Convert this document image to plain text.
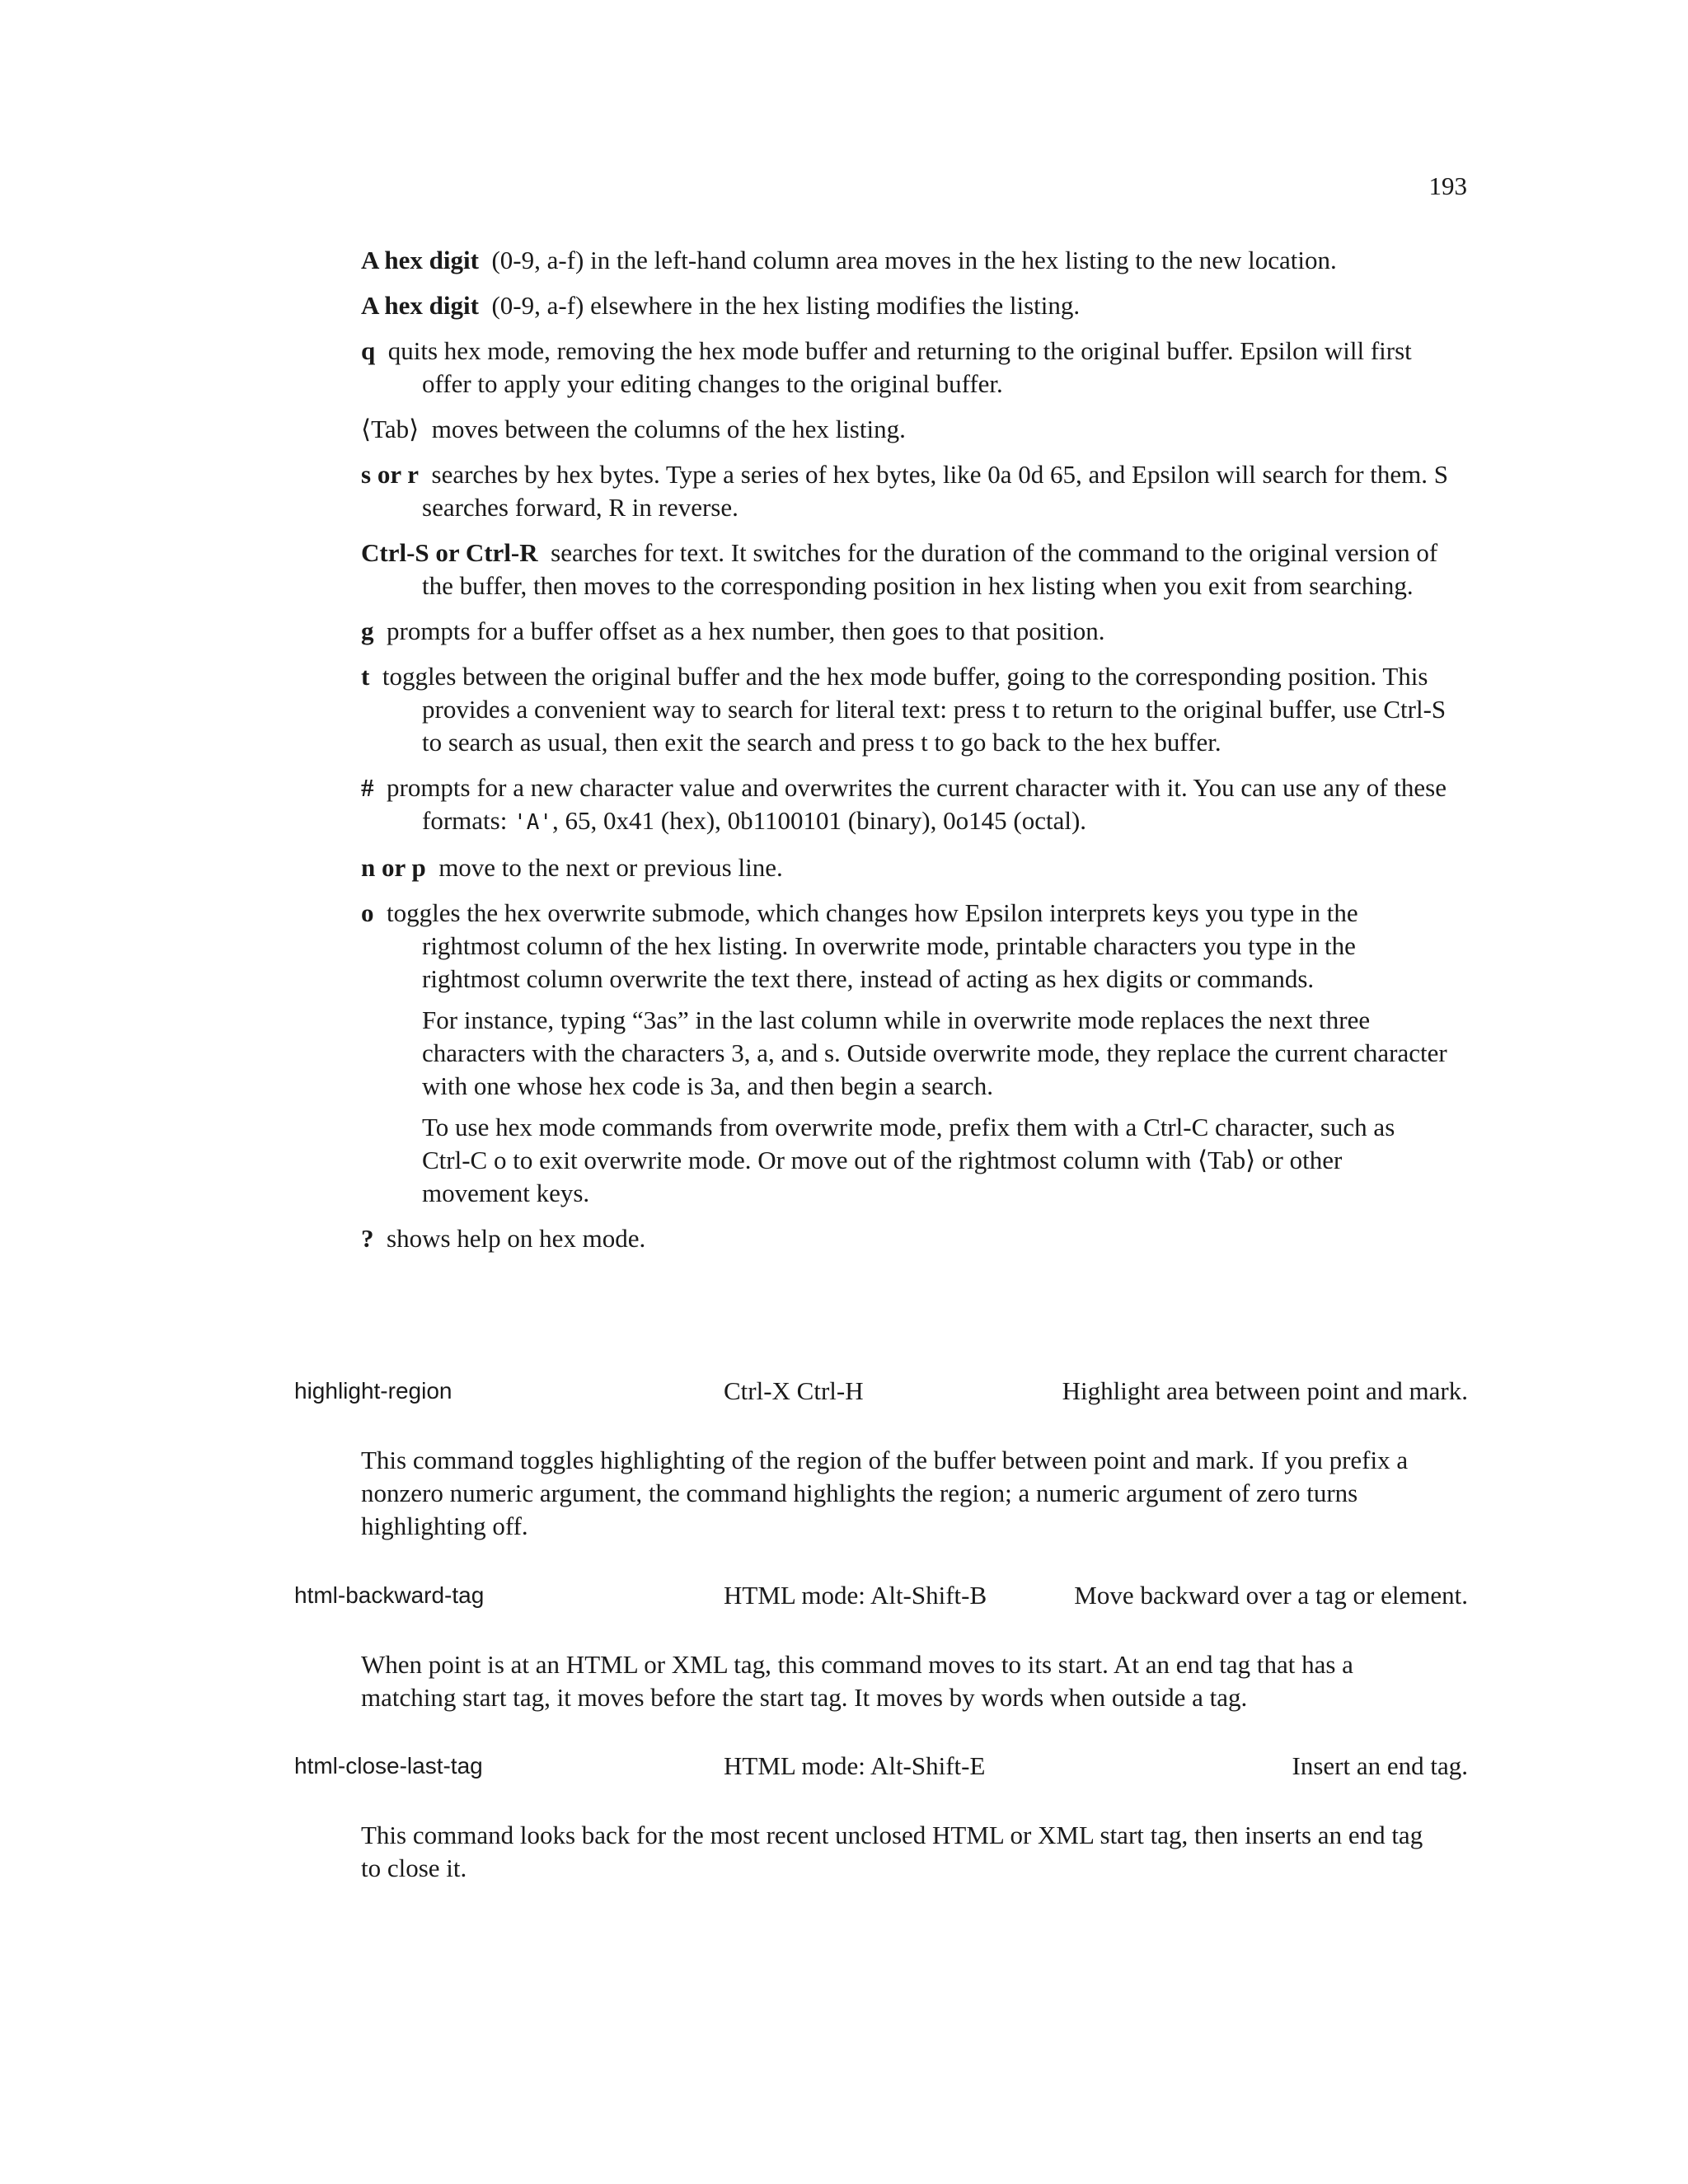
193
A hex digit (0-9, a-f) in the left-hand column area moves in the hex listing to the new location.
A hex digit (0-9, a-f) elsewhere in the hex listing modifies the listing.
q quits hex mode, removing the hex mode buffer and returning to the original buffer. Epsilon will first offer to apply your editing changes to the original buffer.
⟨Tab⟩ moves between the columns of the hex listing.
s or r searches by hex bytes. Type a series of hex bytes, like 0a 0d 65, and Epsilon will search for them. S searches forward, R in reverse.
Ctrl-S or Ctrl-R searches for text. It switches for the duration of the command to the original version of the buffer, then moves to the corresponding position in hex listing when you exit from searching.
g prompts for a buffer offset as a hex number, then goes to that position.
t toggles between the original buffer and the hex mode buffer, going to the corresponding position. This provides a convenient way to search for literal text: press t to return to the original buffer, use Ctrl-S to search as usual, then exit the search and press t to go back to the hex buffer.
# prompts for a new character value and overwrites the current character with it. You can use any of these formats: 'A', 65, 0x41 (hex), 0b1100101 (binary), 0o145 (octal).
n or p move to the next or previous line.
o toggles the hex overwrite submode, which changes how Epsilon interprets keys you type in the rightmost column of the hex listing. In overwrite mode, printable characters you type in the rightmost column overwrite the text there, instead of acting as hex digits or commands.
For instance, typing “3as” in the last column while in overwrite mode replaces the next three characters with the characters 3, a, and s. Outside overwrite mode, they replace the current character with one whose hex code is 3a, and then begin a search.
To use hex mode commands from overwrite mode, prefix them with a Ctrl-C character, such as Ctrl-C o to exit overwrite mode. Or move out of the rightmost column with ⟨Tab⟩ or other movement keys.
? shows help on hex mode.
highlight-region	Ctrl-X Ctrl-H	Highlight area between point and mark.
This command toggles highlighting of the region of the buffer between point and mark. If you prefix a nonzero numeric argument, the command highlights the region; a numeric argument of zero turns highlighting off.
html-backward-tag	HTML mode: Alt-Shift-B	Move backward over a tag or element.
When point is at an HTML or XML tag, this command moves to its start. At an end tag that has a matching start tag, it moves before the start tag. It moves by words when outside a tag.
html-close-last-tag	HTML mode: Alt-Shift-E	Insert an end tag.
This command looks back for the most recent unclosed HTML or XML start tag, then inserts an end tag to close it.
